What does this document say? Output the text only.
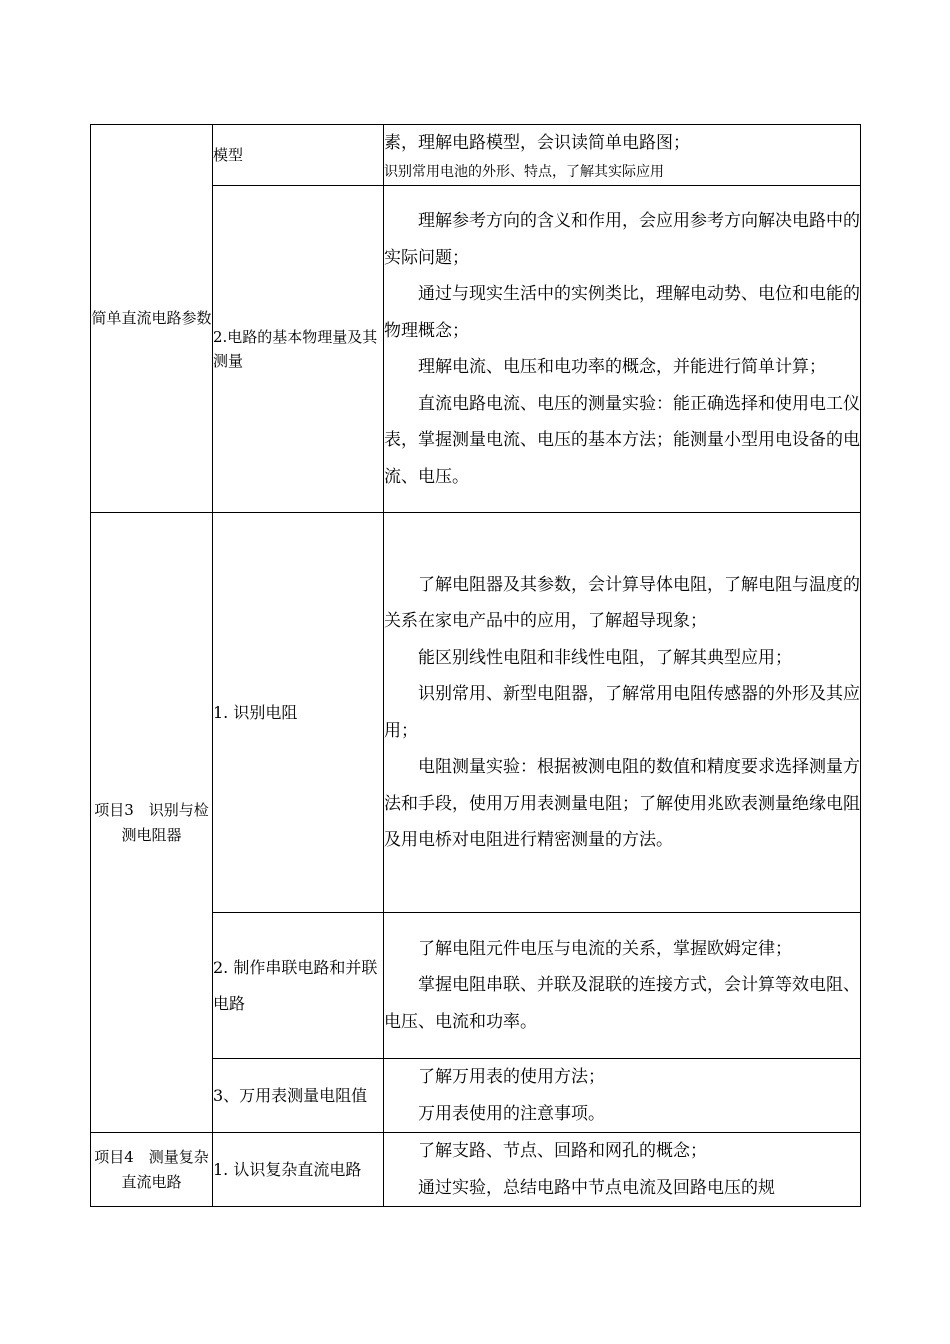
简单直流电路参数	模型	素，理解电路模型，会识读简单电路图；
识别常用电池的外形、特点，了解其实际应用

	2.电路的基本物理量及其测量	理解参考方向的含义和作用，会应用参考方向解决电路中的实际问题；
通过与现实生活中的实例类比，理解电动势、电位和电能的物理概念；
理解电流、电压和电功率的概念，并能进行简单计算；
直流电路电流、电压的测量实验：能正确选择和使用电工仪表，掌握测量电流、电压的基本方法；能测量小型用电设备的电流、电压。

项目3　识别与检测电阻器	1. 识别电阻	了解电阻器及其参数，会计算导体电阻，了解电阻与温度的关系在家电产品中的应用，了解超导现象；
能区别线性电阻和非线性电阻，了解其典型应用；
识别常用、新型电阻器，了解常用电阻传感器的外形及其应用；
电阻测量实验：根据被测电阻的数值和精度要求选择测量方法和手段，使用万用表测量电阻；了解使用兆欧表测量绝缘电阻及用电桥对电阻进行精密测量的方法。

	2. 制作串联电路和并联电路	了解电阻元件电压与电流的关系，掌握欧姆定律；
掌握电阻串联、并联及混联的连接方式，会计算等效电阻、电压、电流和功率。

	3、万用表测量电阻值	了解万用表的使用方法；
万用表使用的注意事项。

项目4　测量复杂直流电路	1. 认识复杂直流电路	了解支路、节点、回路和网孔的概念；
通过实验，总结电路中节点电流及回路电压的规
